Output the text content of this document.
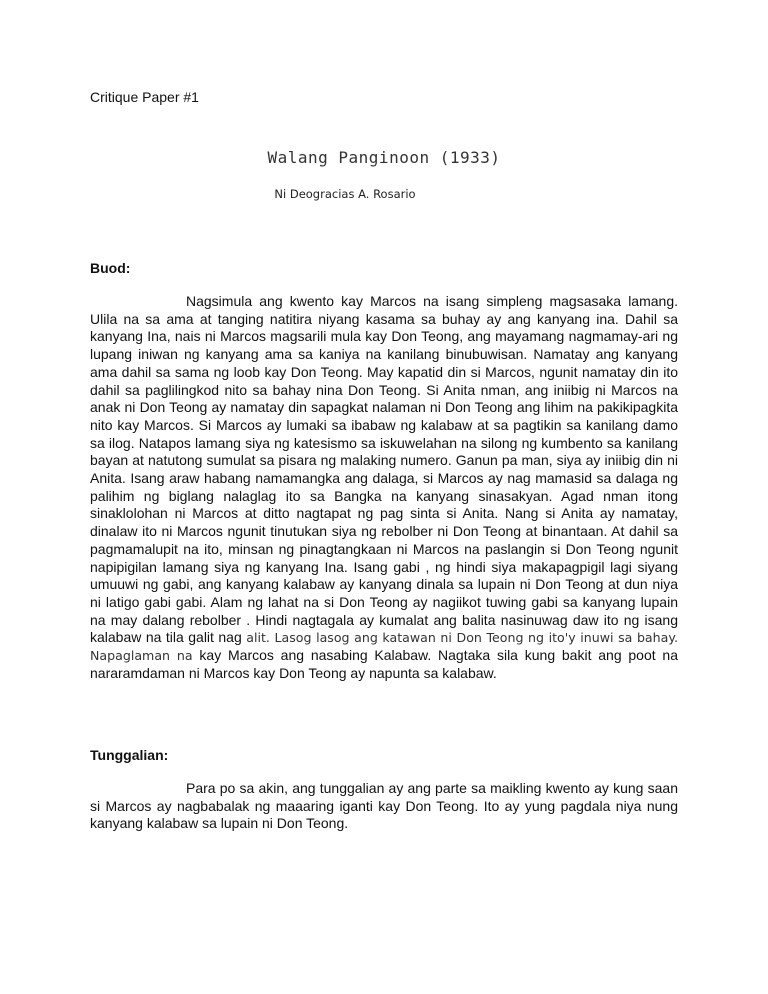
Critique Paper #1
Walang Panginoon (1933)
Ni Deogracias A. Rosario
Buod:

Nagsimula ang kwento kay Marcos na isang simpleng magsasaka lamang. Ulila na sa ama at tanging natitira niyang kasama sa buhay ay ang kanyang ina. Dahil sa kanyang Ina, nais ni Marcos magsarili mula kay Don Teong, ang mayamang nagmamay-ari ng lupang iniwan ng kanyang ama sa kaniya na kanilang binubuwisan. Namatay ang kanyang ama dahil sa sama ng loob kay Don Teong. May kapatid din si Marcos, ngunit namatay din ito dahil sa paglilingkod nito sa bahay nina Don Teong. Si Anita nman, ang iniibig ni Marcos na anak ni Don Teong ay namatay din sapagkat nalaman ni Don Teong ang lihim na pakikipagkita nito kay Marcos. Si Marcos ay lumaki sa ibabaw ng kalabaw at sa pagtikin sa kanilang damo sa ilog. Natapos lamang siya ng katesismo sa iskuwelahan na silong ng kumbento sa kanilang bayan at natutong sumulat sa pisara ng malaking numero. Ganun pa man, siya ay iniibig din ni Anita. Isang araw habang namamangka ang dalaga, si Marcos ay nag mamasid sa dalaga ng palihim ng biglang nalaglag ito sa Bangka na kanyang sinasakyan. Agad nman itong sinaklolohan ni Marcos at ditto nagtapat ng pag sinta si Anita. Nang si Anita ay namatay, dinalaw ito ni Marcos ngunit tinutukan siya ng rebolber ni Don Teong at binantaan. At dahil sa pagmamalupit na ito, minsan ng pinagtangkaan ni Marcos na paslangin si Don Teong ngunit napipigilan lamang siya ng kanyang Ina. Isang gabi , ng hindi siya makapagpigil lagi siyang umuuwi ng gabi, ang kanyang kalabaw ay kanyang dinala sa lupain ni Don Teong at dun niya ni latigo gabi gabi. Alam ng lahat na si Don Teong ay nagiikot tuwing gabi sa kanyang lupain na may dalang rebolber . Hindi nagtagala ay kumalat ang balita nasinuwag daw ito ng isang kalabaw na tila galit nag alit. Lasog lasog ang katawan ni Don Teong ng ito'y inuwi sa bahay. Napaglaman na kay Marcos ang nasabing Kalabaw. Nagtaka sila kung bakit ang poot na nararamdaman ni Marcos kay Don Teong ay napunta sa kalabaw.

Tunggalian:

Para po sa akin, ang tunggalian ay ang parte sa maikling kwento ay kung saan si Marcos ay nagbabalak ng maaaring iganti kay Don Teong. Ito ay yung pagdala niya nung kanyang kalabaw sa lupain ni Don Teong.
